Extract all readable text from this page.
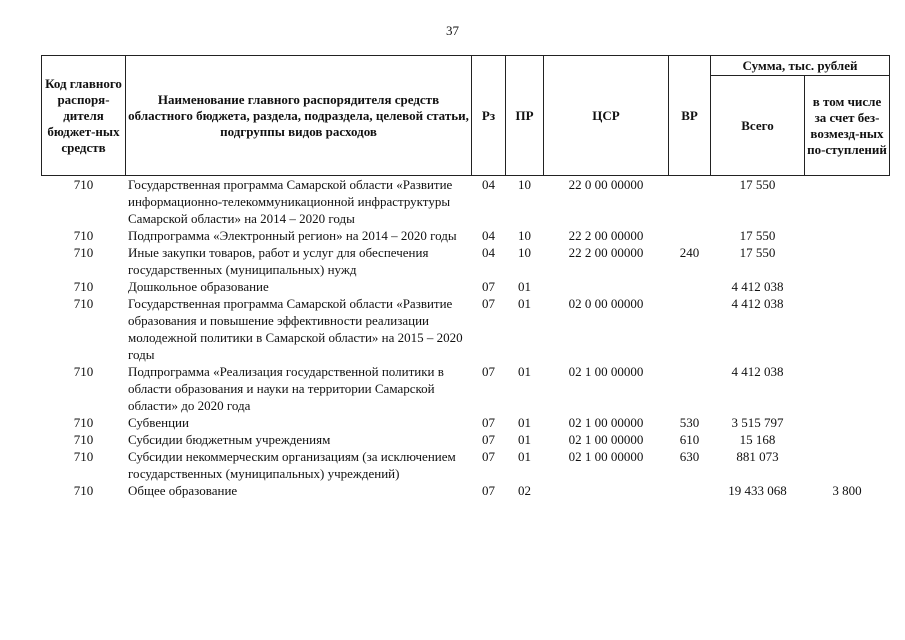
37
Код главного распоря-дителя бюджет-ных средств	Наименование главного распорядителя средств областного бюджета, раздела, подраздела, целевой статьи, подгруппы видов расходов	Рз	ПР	ЦСР	ВР	Сумма, тыс. рублей	
						Всего	в том числе за счет без-возмезд-ных по-ступлений
710	Государственная программа Самарской области «Развитие информационно-телекоммуникационной инфраструктуры Самарской области» на 2014 – 2020 годы	04	10	22 0 00 00000		17 550	
710	Подпрограмма «Электронный регион» на 2014 – 2020 годы	04	10	22 2 00 00000		17 550	
710	Иные закупки товаров, работ и услуг для обеспечения государственных (муниципальных) нужд	04	10	22 2 00 00000	240	17 550	
710	Дошкольное образование	07	01			4 412 038	
710	Государственная программа Самарской области «Развитие образования и повышение эффективности реализации молодежной политики в Самарской области» на 2015 – 2020 годы	07	01	02 0 00 00000		4 412 038	
710	Подпрограмма «Реализация государственной политики в области образования и науки на территории Самарской области» до 2020 года	07	01	02 1 00 00000		4 412 038	
710	Субвенции	07	01	02 1 00 00000	530	3 515 797	
710	Субсидии бюджетным учреждениям	07	01	02 1 00 00000	610	15 168	
710	Субсидии некоммерческим организациям (за исключением государственных (муниципальных) учреждений)	07	01	02 1 00 00000	630	881 073	
710	Общее образование	07	02			19 433 068	3 800
